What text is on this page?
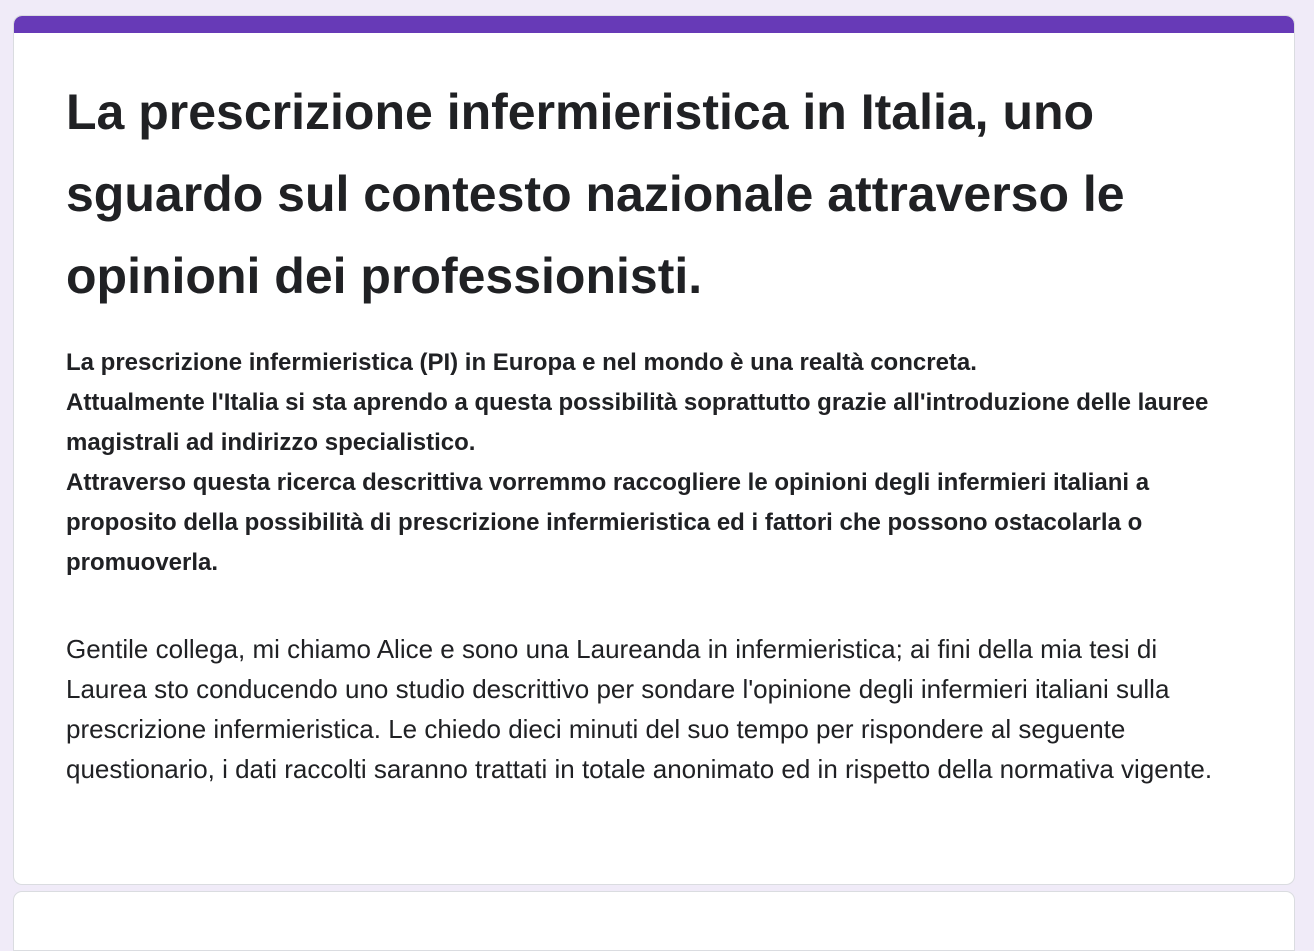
La prescrizione infermieristica in Italia, uno sguardo sul contesto nazionale attraverso le opinioni dei professionisti.

La prescrizione infermieristica (PI) in Europa e nel mondo è una realtà concreta.
Attualmente l'Italia si sta aprendo a questa possibilità soprattutto grazie all'introduzione delle lauree magistrali ad indirizzo specialistico.
Attraverso questa ricerca descrittiva vorremmo raccogliere le opinioni degli infermieri italiani a proposito della possibilità di prescrizione infermieristica ed i fattori che possono ostacolarla o promuoverla.

Gentile collega, mi chiamo Alice e sono una Laureanda in infermieristica; ai fini della mia tesi di Laurea sto conducendo uno studio descrittivo per sondare l'opinione degli infermieri italiani sulla prescrizione infermieristica. Le chiedo dieci minuti del suo tempo per rispondere al seguente questionario, i dati raccolti saranno trattati in totale anonimato ed in rispetto della normativa vigente.
